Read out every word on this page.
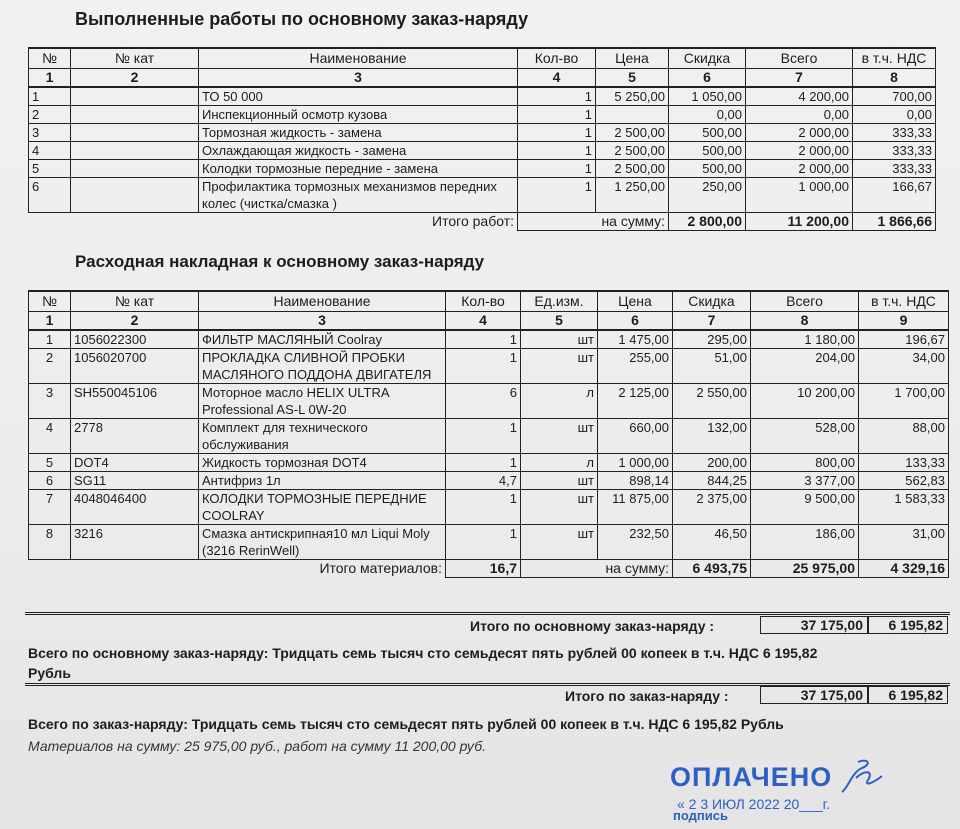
Выполненные работы по основному заказ-наряду
№	№ кат	Наименование	Кол-во	Цена	Скидка	Всего	в т.ч. НДС
1	2	3	4	5	6	7	8
1		ТО 50 000	1	5 250,00	1 050,00	4 200,00	700,00
2		Инспекционный осмотр кузова	1		0,00	0,00	0,00
3		Тормозная жидкость - замена	1	2 500,00	500,00	2 000,00	333,33
4		Охлаждающая жидкость - замена	1	2 500,00	500,00	2 000,00	333,33
5		Колодки тормозные передние - замена	1	2 500,00	500,00	2 000,00	333,33
6		Профилактика тормозных механизмов передних колес (чистка/смазка )	1	1 250,00	250,00	1 000,00	166,67
Итого работ:			на сумму:		2 800,00	11 200,00	1 866,66
Расходная накладная к основному заказ-наряду
№	№ кат	Наименование	Кол-во	Ед.изм.	Цена	Скидка	Всего	в т.ч. НДС
1	2	3	4	5	6	7	8	9
1	1056022300	ФИЛЬТР МАСЛЯНЫЙ Coolray	1	шт	1 475,00	295,00	1 180,00	196,67
2	1056020700	ПРОКЛАДКА СЛИВНОЙ ПРОБКИ МАСЛЯНОГО ПОДДОНА ДВИГАТЕЛЯ	1	шт	255,00	51,00	204,00	34,00
3	SH550045106	Моторное масло HELIX ULTRA Professional AS-L 0W-20	6	л	2 125,00	2 550,00	10 200,00	1 700,00
4	2778	Комплект для технического обслуживания	1	шт	660,00	132,00	528,00	88,00
5	DOT4	Жидкость тормозная DOT4	1	л	1 000,00	200,00	800,00	133,33
6	SG11	Антифриз 1л	4,7	шт	898,14	844,25	3 377,00	562,83
7	4048046400	КОЛОДКИ ТОРМОЗНЫЕ ПЕРЕДНИЕ COOLRAY	1	шт	11 875,00	2 375,00	9 500,00	1 583,33
8	3216	Смазка антискрипная10 мл Liqui Moly (3216 RerinWell)	1	шт	232,50	46,50	186,00	31,00
Итого материалов:			16,7	на сумму:		6 493,75	25 975,00	4 329,16
Итого по основному заказ-наряду :	37 175,00	6 195,82
Всего по основному заказ-наряду: Тридцать семь тысяч сто семьдесят пять рублей 00 копеек в т.ч. НДС 6 195,82
Рубль
Итого по заказ-наряду :	37 175,00	6 195,82
Всего по заказ-наряду: Тридцать семь тысяч сто семьдесят пять рублей 00 копеек в т.ч. НДС 6 195,82 Рубль
Материалов на сумму: 25 975,00 руб., работ на сумму 11 200,00 руб.
ОПЛАЧЕНО
« 2 3 ИЮЛ 2022 20___г.
подпись
